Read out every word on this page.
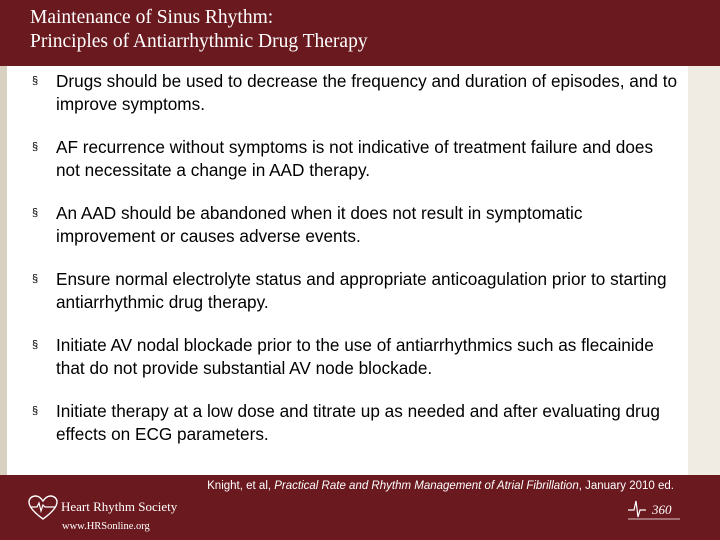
Maintenance of Sinus Rhythm:
Principles of Antiarrhythmic Drug Therapy
§ Drugs should be used to decrease the frequency and duration of episodes, and to improve symptoms.
§ AF recurrence without symptoms is not indicative of treatment failure and does not necessitate a change in AAD therapy.
§ An AAD should be abandoned when it does not result in symptomatic improvement or causes adverse events.
§ Ensure normal electrolyte status and appropriate anticoagulation prior to starting antiarrhythmic drug therapy.
§ Initiate AV nodal blockade prior to the use of antiarrhythmics such as flecainide that do not provide substantial AV node blockade.
§ Initiate therapy at a low dose and titrate up as needed and after evaluating drug effects on ECG parameters.
Knight, et al, Practical Rate and Rhythm Management of Atrial Fibrillation, January 2010 ed.
Heart Rhythm Society
www.HRSonline.org
360
